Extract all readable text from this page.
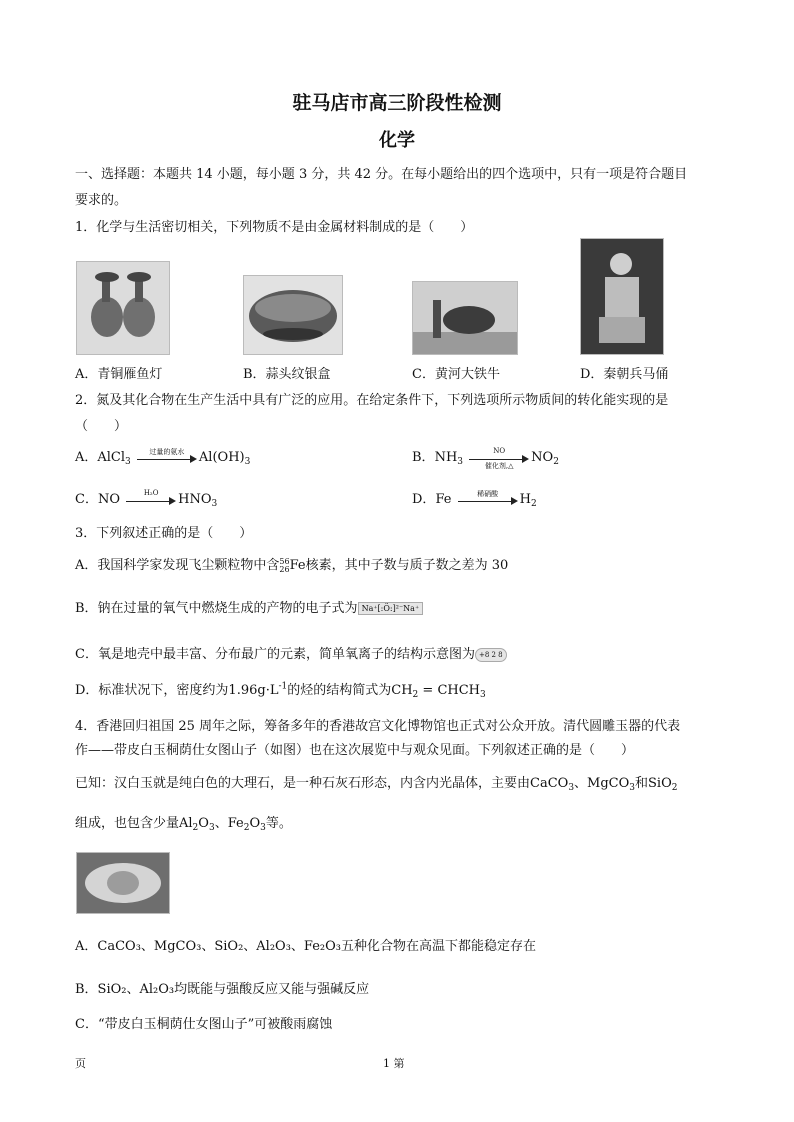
驻马店市高三阶段性检测
化学
一、选择题：本题共 14 小题，每小题 3 分，共 42 分。在每小题给出的四个选项中，只有一项是符合题目
要求的。
1．化学与生活密切相关，下列物质不是由金属材料制成的是（　　）
A．青铜雁鱼灯	B．蒜头纹银盒	C．黄河大铁牛	D．秦朝兵马俑
2．氮及其化合物在生产生活中具有广泛的应用。在给定条件下，下列选项所示物质间的转化能实现的是
（　　）
A．AlCl$_3$
过量的氨水	$Al(OH)_3$	B．$NH_3$
NO
催化剂,△
$NO_2$
C．NO	H₂O	$HNO_3$	D．Fe	稀硝酸	$H_2$
3．下列叙述正确的是（　　）
A．我国科学家发现飞尘颗粒物中含56
26Fe核素，其中子数与质子数之差为 30
B．钠在过量的氧气中燃烧生成的产物的电子式为 Na⁺[:Ö:]²⁻Na⁺
C．氧是地壳中最丰富、分布最广的元素，简单氧离子的结构示意图为 +8 2 8
D．标准状况下，密度约为$1.96g\cdot L^{-1}$的烃的结构简式为$CH_2$ = $CHCH_3$
4．香港回归祖国 25 周年之际，筹备多年的香港故宫文化博物馆也正式对公众开放。清代圆雕玉器的代表
作——带皮白玉桐荫仕女图山子（如图）也在这次展览中与观众见面。下列叙述正确的是（　　）
已知：汉白玉就是纯白色的大理石，是一种石灰石形态，内含内光晶体，主要由CaCO$_3$、MgCO$_3$和SiO$_2$
组成，也包含少量$Al_2O_3$、$Fe_2O_3$等。
A．CaCO₃、MgCO₃、SiO₂、Al₂O₃、Fe₂O₃五种化合物在高温下都能稳定存在
B．SiO₂、Al₂O₃均既能与强酸反应又能与强碱反应
C．“带皮白玉桐荫仕女图山子”可被酸雨腐蚀
页	1 第
